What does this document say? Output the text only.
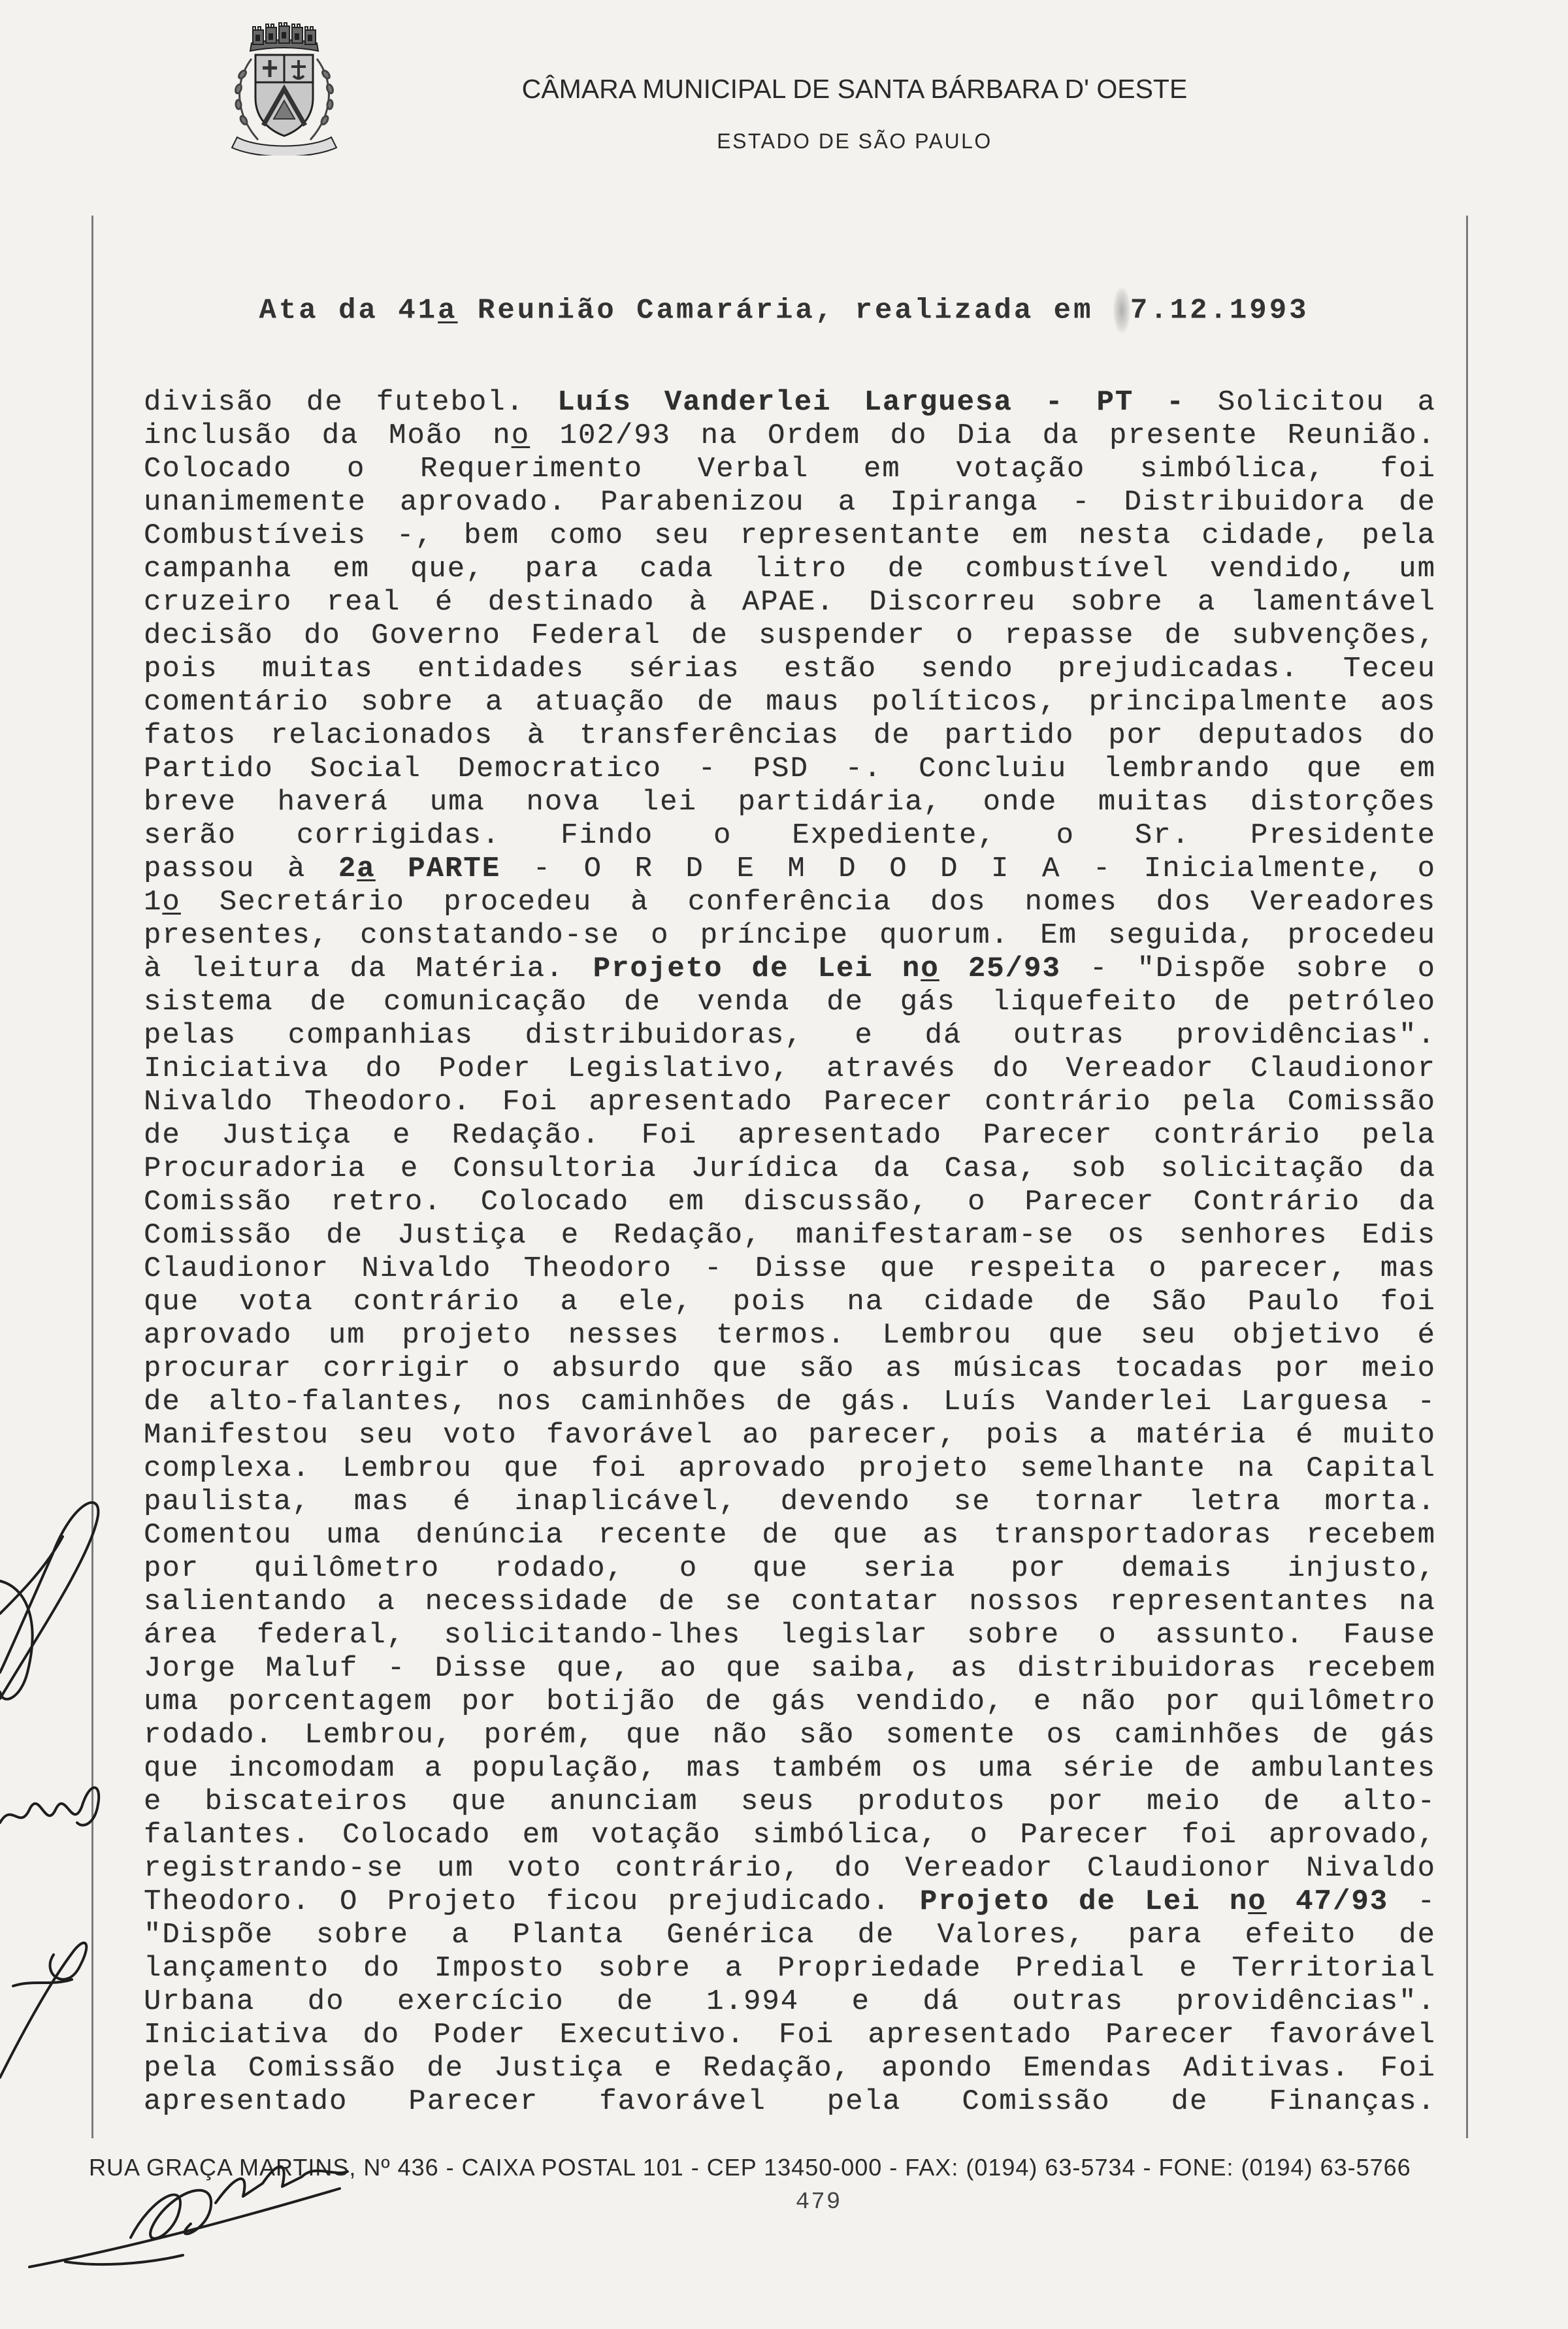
CÂMARA MUNICIPAL DE SANTA BÁRBARA D' OESTE
ESTADO DE SÃO PAULO
Ata da 41a Reunião Camarária, realizada em 7.12.1993
divisão de futebol. Luís Vanderlei Larguesa - PT - Solicitou a
inclusão da Moão no 102/93 na Ordem do Dia da presente Reunião.
Colocado o Requerimento Verbal em votação simbólica, foi
unanimemente aprovado. Parabenizou a Ipiranga - Distribuidora de
Combustíveis -, bem como seu representante em nesta cidade, pela
campanha em que, para cada litro de combustível vendido, um
cruzeiro real é destinado à APAE. Discorreu sobre a lamentável
decisão do Governo Federal de suspender o repasse de subvenções,
pois muitas entidades sérias estão sendo prejudicadas. Teceu
comentário sobre a atuação de maus políticos, principalmente aos
fatos relacionados à transferências de partido por deputados do
Partido Social Democratico - PSD -. Concluiu lembrando que em
breve haverá uma nova lei partidária, onde muitas distorções
serão corrigidas. Findo o Expediente, o Sr. Presidente
passou à 2a PARTE - O R D E M D O D I A - Inicialmente, o
1o Secretário procedeu à conferência dos nomes dos Vereadores
presentes, constatando-se o príncipe quorum. Em seguida, procedeu
à leitura da Matéria. Projeto de Lei no 25/93 - "Dispõe sobre o
sistema de comunicação de venda de gás liquefeito de petróleo
pelas companhias distribuidoras, e dá outras providências".
Iniciativa do Poder Legislativo, através do Vereador Claudionor
Nivaldo Theodoro. Foi apresentado Parecer contrário pela Comissão
de Justiça e Redação. Foi apresentado Parecer contrário pela
Procuradoria e Consultoria Jurídica da Casa, sob solicitação da
Comissão retro. Colocado em discussão, o Parecer Contrário da
Comissão de Justiça e Redação, manifestaram-se os senhores Edis
Claudionor Nivaldo Theodoro - Disse que respeita o parecer, mas
que vota contrário a ele, pois na cidade de São Paulo foi
aprovado um projeto nesses termos. Lembrou que seu objetivo é
procurar corrigir o absurdo que são as músicas tocadas por meio
de alto-falantes, nos caminhões de gás. Luís Vanderlei Larguesa -
Manifestou seu voto favorável ao parecer, pois a matéria é muito
complexa. Lembrou que foi aprovado projeto semelhante na Capital
paulista, mas é inaplicável, devendo se tornar letra morta.
Comentou uma denúncia recente de que as transportadoras recebem
por quilômetro rodado, o que seria por demais injusto,
salientando a necessidade de se contatar nossos representantes na
área federal, solicitando-lhes legislar sobre o assunto. Fause
Jorge Maluf - Disse que, ao que saiba, as distribuidoras recebem
uma porcentagem por botijão de gás vendido, e não por quilômetro
rodado. Lembrou, porém, que não são somente os caminhões de gás
que incomodam a população, mas também os uma série de ambulantes
e biscateiros que anunciam seus produtos por meio de alto-
falantes. Colocado em votação simbólica, o Parecer foi aprovado,
registrando-se um voto contrário, do Vereador Claudionor Nivaldo
Theodoro. O Projeto ficou prejudicado. Projeto de Lei no 47/93 -
"Dispõe sobre a Planta Genérica de Valores, para efeito de
lançamento do Imposto sobre a Propriedade Predial e Territorial
Urbana do exercício de 1.994 e dá outras providências".
Iniciativa do Poder Executivo. Foi apresentado Parecer favorável
pela Comissão de Justiça e Redação, apondo Emendas Aditivas. Foi
apresentado Parecer favorável pela Comissão de Finanças.
RUA GRAÇA MARTINS, Nº 436 - CAIXA POSTAL 101 - CEP 13450-000 - FAX: (0194) 63-5734 - FONE: (0194) 63-5766
479
